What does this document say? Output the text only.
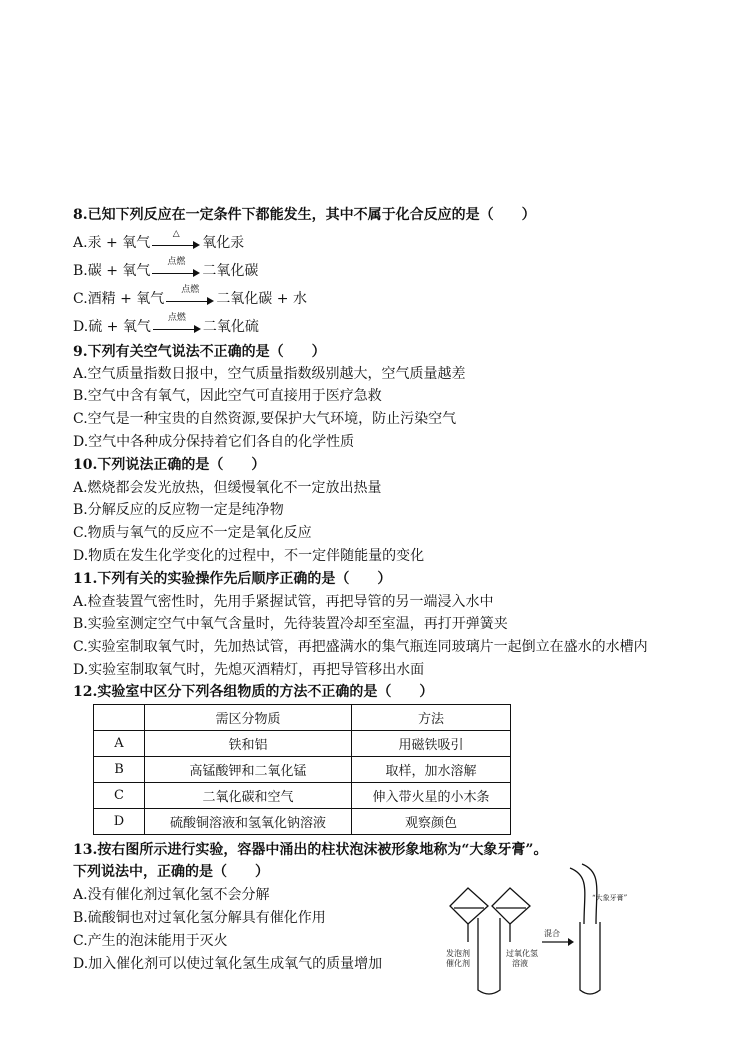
8.已知下列反应在一定条件下都能发生，其中不属于化合反应的是（　　）
A. 汞 + 氧气
△
氧化汞
B. 碳 + 氧气
点燃
二氧化碳
C. 酒精 + 氧气
点燃
二氧化碳 + 水
D. 硫 + 氧气
点燃
二氧化硫
9.下列有关空气说法不正确的是（　　）
A.空气质量指数日报中，空气质量指数级别越大，空气质量越差
B.空气中含有氧气，因此空气可直接用于医疗急救
C.空气是一种宝贵的自然资源,要保护大气环境，防止污染空气
D.空气中各种成分保持着它们各自的化学性质
10.下列说法正确的是（　　）
A.燃烧都会发光放热，但缓慢氧化不一定放出热量
B.分解反应的反应物一定是纯净物
C.物质与氧气的反应不一定是氧化反应
D.物质在发生化学变化的过程中，不一定伴随能量的变化
11.下列有关的实验操作先后顺序正确的是（　　）
A.检查装置气密性时，先用手紧握试管，再把导管的另一端浸入水中
B.实验室测定空气中氧气含量时，先待装置冷却至室温，再打开弹簧夹
C.实验室制取氧气时，先加热试管，再把盛满水的集气瓶连同玻璃片一起倒立在盛水的水槽内
D.实验室制取氧气时，先熄灭酒精灯，再把导管移出水面
12.实验室中区分下列各组物质的方法不正确的是（　　）
	需区分物质	方法
A	铁和铝	用磁铁吸引
B	高锰酸钾和二氧化锰	取样，加水溶解
C	二氧化碳和空气	伸入带火星的小木条
D	硫酸铜溶液和氢氧化钠溶液	观察颜色
13.按右图所示进行实验，容器中涌出的柱状泡沫被形象地称为“大象牙膏”。
下列说法中，正确的是（　　）
A.没有催化剂过氧化氢不会分解
B.硫酸铜也对过氧化氢分解具有催化作用
C.产生的泡沫能用于灭火
D.加入催化剂可以使过氧化氢生成氧气的质量增加
发泡剂
催化剂
过氧化氢
溶液
混合
“大象牙膏”
